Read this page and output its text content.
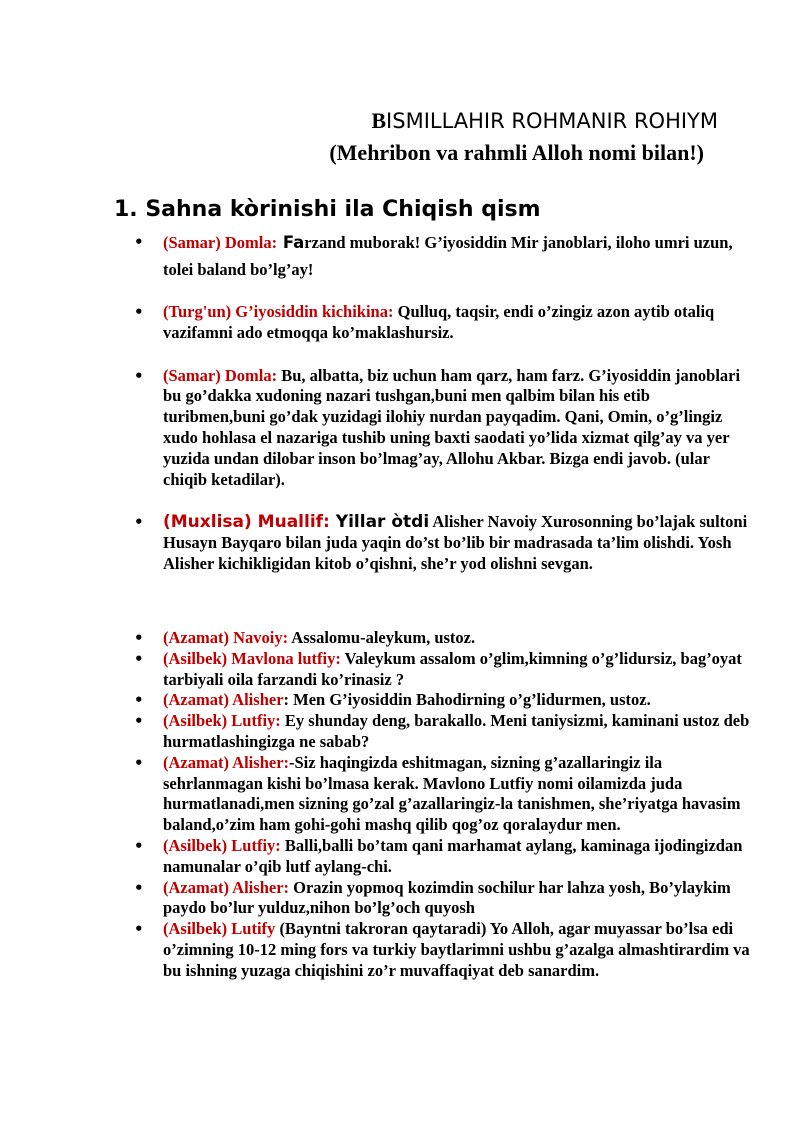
BISMILLAHIR ROHMANIR ROHIYM
(Mehribon va rahmli Alloh nomi bilan!)
1. Sahna kòrinishi ila Chiqish qism
• (Samar) Domla: Farzand muborak! G’iyosiddin Mir janoblari, iloho umri uzun, tolei baland bo’lg’ay!
• (Turg'un) G’iyosiddin kichikina: Qulluq, taqsir, endi o’zingiz azon aytib otaliq vazifamni ado etmoqqa ko’maklashursiz.
• (Samar) Domla: Bu, albatta, biz uchun ham qarz, ham farz. G’iyosiddin janoblari bu go’dakka xudoning nazari tushgan,buni men qalbim bilan his etib turibmen,buni go’dak yuzidagi ilohiy nurdan payqadim. Qani, Omin, o’g’lingiz xudo hohlasa el nazariga tushib uning baxti saodati yo’lida xizmat qilg’ay va yer yuzida undan dilobar inson bo’lmag’ay, Allohu Akbar. Bizga endi javob. (ular chiqib ketadilar).
• (Muxlisa) Muallif: Yillar òtdi Alisher Navoiy Xurosonning bo’lajak sultoni Husayn Bayqaro bilan juda yaqin do’st bo’lib bir madrasada ta’lim olishdi. Yosh Alisher kichikligidan kitob o’qishni, she’r yod olishni sevgan.
• (Azamat) Navoiy: Assalomu-aleykum, ustoz.
• (Asilbek) Mavlona lutfiy: Valeykum assalom o’glim,kimning o’g’lidursiz, bag’oyat tarbiyali oila farzandi ko’rinasiz ?
• (Azamat) Alisher: Men G’iyosiddin Bahodirning o’g’lidurmen, ustoz.
• (Asilbek) Lutfiy: Ey shunday deng, barakallo. Meni taniysizmi, kaminani ustoz deb hurmatlashingizga ne sabab?
• (Azamat) Alisher:-Siz haqingizda eshitmagan, sizning g’azallaringiz ila sehrlanmagan kishi bo’lmasa kerak. Mavlono Lutfiy nomi oilamizda juda hurmatlanadi,men sizning go’zal g’azallaringiz-la tanishmen, she’riyatga havasim baland,o’zim ham gohi-gohi mashq qilib qog’oz qoralaydur men.
• (Asilbek) Lutfiy: Balli,balli bo’tam qani marhamat aylang, kaminaga ijodingizdan namunalar o’qib lutf aylang-chi.
• (Azamat) Alisher: Orazin yopmoq kozimdin sochilur har lahza yosh, Bo’ylaykim paydo bo’lur yulduz,nihon bo’lg’och quyosh
• (Asilbek) Lutify (Bayntni takroran qaytaradi) Yo Alloh, agar muyassar bo’lsa edi o’zimning 10-12 ming fors va turkiy baytlarimni ushbu g’azalga almashtirardim va bu ishning yuzaga chiqishini zo’r muvaffaqiyat deb sanardim.
